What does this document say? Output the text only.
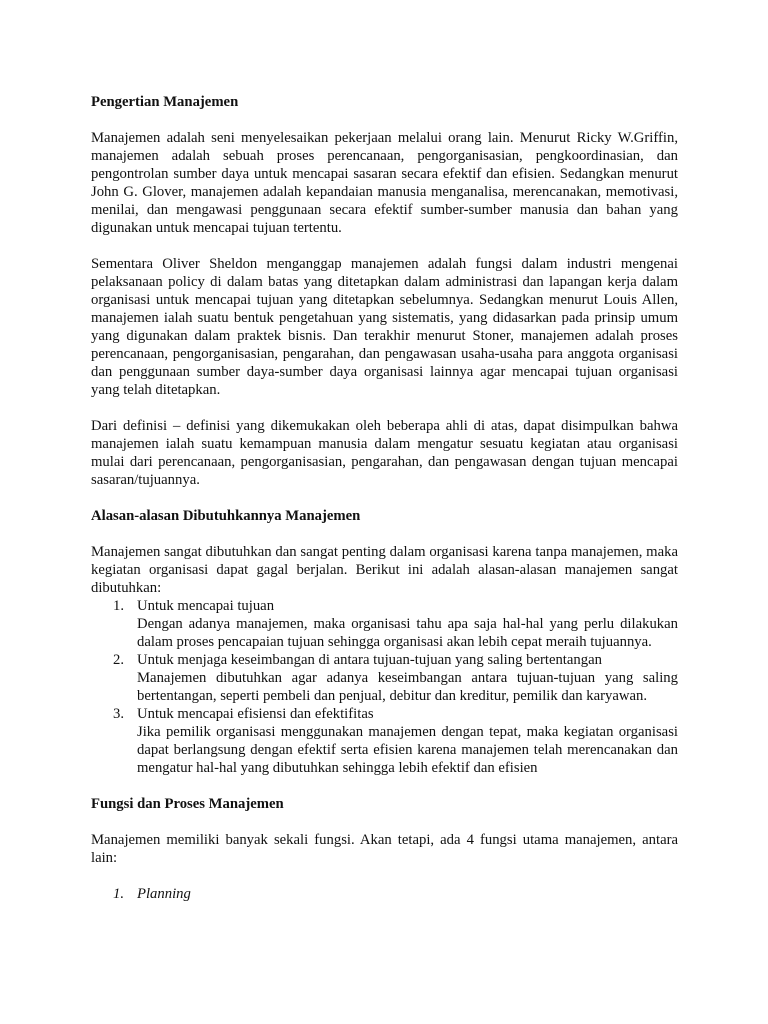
Pengertian Manajemen

Manajemen adalah seni menyelesaikan pekerjaan melalui orang lain. Menurut Ricky W.Griffin, manajemen adalah sebuah proses perencanaan, pengorganisasian, pengkoordinasian, dan pengontrolan sumber daya untuk mencapai sasaran secara efektif dan efisien. Sedangkan menurut John G. Glover, manajemen adalah kepandaian manusia menganalisa, merencanakan, memotivasi, menilai, dan mengawasi penggunaan secara efektif sumber-sumber manusia dan bahan yang digunakan untuk mencapai tujuan tertentu.

Sementara Oliver Sheldon menganggap manajemen adalah fungsi dalam industri mengenai pelaksanaan policy di dalam batas yang ditetapkan dalam administrasi dan lapangan kerja dalam organisasi untuk mencapai tujuan yang ditetapkan sebelumnya. Sedangkan menurut Louis Allen, manajemen ialah suatu bentuk pengetahuan yang sistematis, yang didasarkan pada prinsip umum yang digunakan dalam praktek bisnis. Dan terakhir menurut Stoner, manajemen adalah proses perencanaan, pengorganisasian, pengarahan, dan pengawasan usaha-usaha para anggota organisasi dan penggunaan sumber daya-sumber daya organisasi lainnya agar mencapai tujuan organisasi yang telah ditetapkan.

Dari definisi – definisi yang dikemukakan oleh beberapa ahli di atas, dapat disimpulkan bahwa manajemen ialah suatu kemampuan manusia dalam mengatur sesuatu kegiatan atau organisasi mulai dari perencanaan, pengorganisasian, pengarahan, dan pengawasan dengan tujuan mencapai sasaran/tujuannya.

Alasan-alasan Dibutuhkannya Manajemen

Manajemen sangat dibutuhkan dan sangat penting dalam organisasi karena tanpa manajemen, maka kegiatan organisasi dapat gagal berjalan. Berikut ini adalah alasan-alasan manajemen sangat dibutuhkan:

1. Untuk mencapai tujuan
Dengan adanya manajemen, maka organisasi tahu apa saja hal-hal yang perlu dilakukan dalam proses pencapaian tujuan sehingga organisasi akan lebih cepat meraih tujuannya.
2. Untuk menjaga keseimbangan di antara tujuan-tujuan yang saling bertentangan
Manajemen dibutuhkan agar adanya keseimbangan antara tujuan-tujuan yang saling bertentangan, seperti pembeli dan penjual, debitur dan kreditur, pemilik dan karyawan.
3. Untuk mencapai efisiensi dan efektifitas
Jika pemilik organisasi menggunakan manajemen dengan tepat, maka kegiatan organisasi dapat berlangsung dengan efektif serta efisien karena manajemen telah merencanakan dan mengatur hal-hal yang dibutuhkan sehingga lebih efektif dan efisien
Fungsi dan Proses Manajemen

Manajemen memiliki banyak sekali fungsi. Akan tetapi, ada 4 fungsi utama manajemen, antara lain:

1. Planning
